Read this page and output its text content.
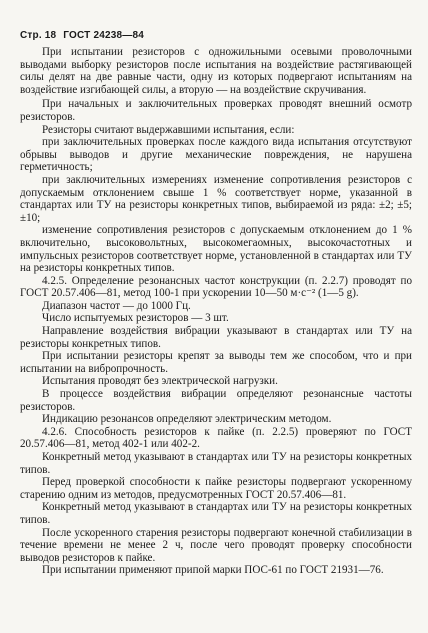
Стр. 18 ГОСТ 24238—84

При испытании резисторов с одножильными осевыми проволочными выводами выборку резисторов после испытания на воздействие растягивающей силы делят на две равные части, одну из которых подвергают испытаниям на воздействие изгибающей силы, а вторую — на воздействие скручивания.

При начальных и заключительных проверках проводят внешний осмотр резисторов.

Резисторы считают выдержавшими испытания, если:

при заключительных проверках после каждого вида испытания отсутствуют обрывы выводов и другие механические повреждения, не нарушена герметичность;

при заключительных измерениях изменение сопротивления резисторов с допускаемым отклонением свыше 1 % соответствует норме, указанной в стандартах или ТУ на резисторы конкретных типов, выбираемой из ряда: ±2; ±5; ±10;

изменение сопротивления резисторов с допускаемым отклонением до 1 % включительно, высоковольтных, высокомегаомных, высокочастотных и импульсных резисторов соответствует норме, установленной в стандартах или ТУ на резисторы конкретных типов.

4.2.5. Определение резонансных частот конструкции (п. 2.2.7) проводят по ГОСТ 20.57.406—81, метод 100-1 при ускорении 10—50 м·с⁻² (1—5 g).

Диапазон частот — до 1000 Гц.

Число испытуемых резисторов — 3 шт.

Направление воздействия вибрации указывают в стандартах или ТУ на резисторы конкретных типов.

При испытании резисторы крепят за выводы тем же способом, что и при испытании на вибропрочность.

Испытания проводят без электрической нагрузки.

В процессе воздействия вибрации определяют резонансные частоты резисторов.

Индикацию резонансов определяют электрическим методом.

4.2.6. Способность резисторов к пайке (п. 2.2.5) проверяют по ГОСТ 20.57.406—81, метод 402-1 или 402-2.

Конкретный метод указывают в стандартах или ТУ на резисторы конкретных типов.

Перед проверкой способности к пайке резисторы подвергают ускоренному старению одним из методов, предусмотренных ГОСТ 20.57.406—81.

Конкретный метод указывают в стандартах или ТУ на резисторы конкретных типов.

После ускоренного старения резисторы подвергают конечной стабилизации в течение времени не менее 2 ч, после чего проводят проверку способности выводов резисторов к пайке.

При испытании применяют припой марки ПОС-61 по ГОСТ 21931—76.
